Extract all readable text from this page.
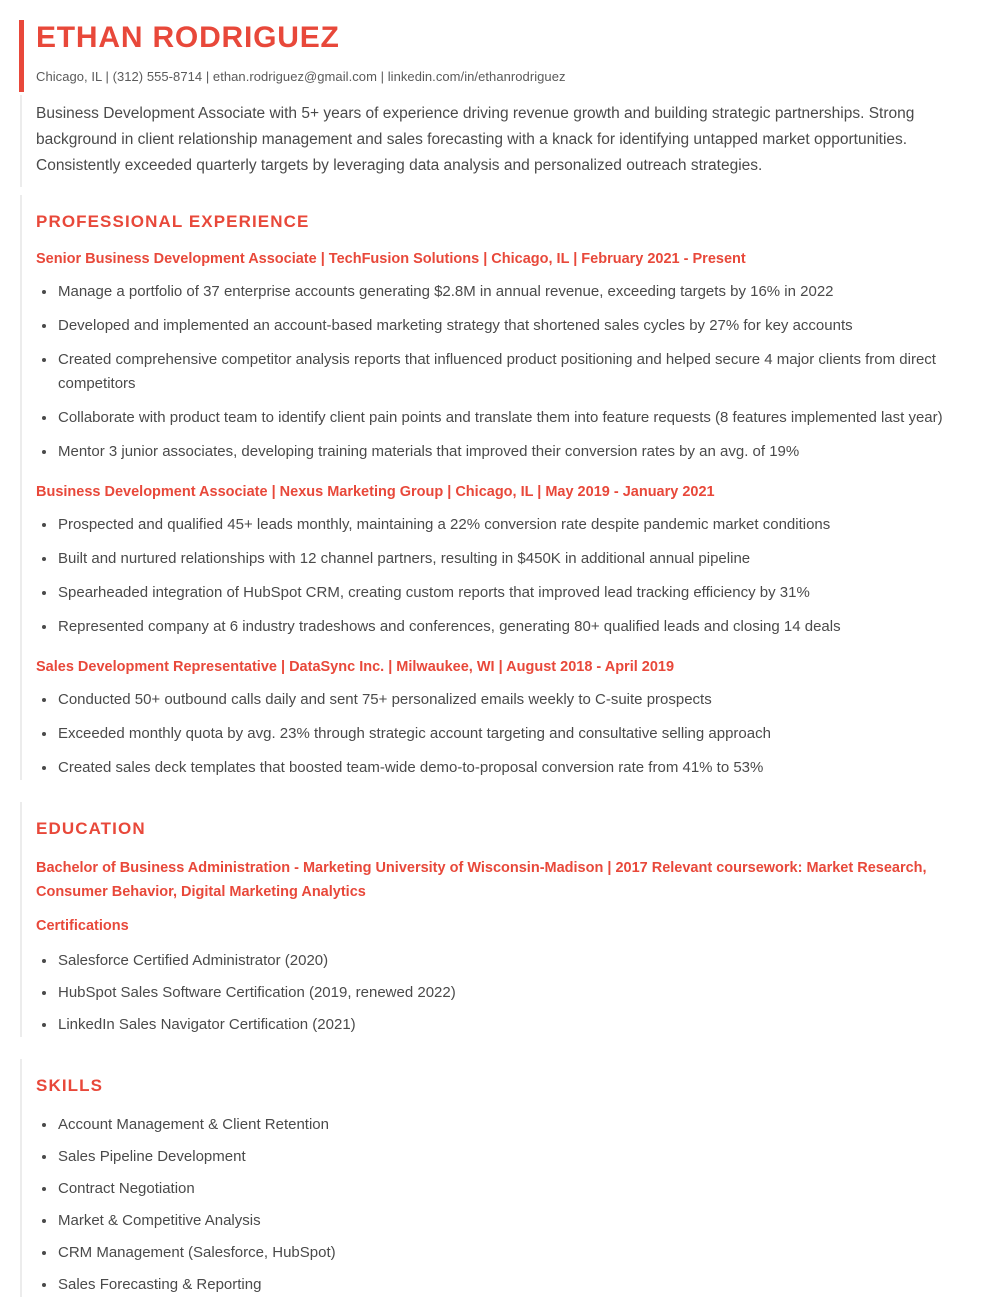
ETHAN RODRIGUEZ
Chicago, IL | (312) 555-8714 | ethan.rodriguez@gmail.com | linkedin.com/in/ethanrodriguez

Business Development Associate with 5+ years of experience driving revenue growth and building strategic partnerships. Strong background in client relationship management and sales forecasting with a knack for identifying untapped market opportunities. Consistently exceeded quarterly targets by leveraging data analysis and personalized outreach strategies.

PROFESSIONAL EXPERIENCE
Senior Business Development Associate | TechFusion Solutions | Chicago, IL | February 2021 - Present
Manage a portfolio of 37 enterprise accounts generating $2.8M in annual revenue, exceeding targets by 16% in 2022
Developed and implemented an account-based marketing strategy that shortened sales cycles by 27% for key accounts
Created comprehensive competitor analysis reports that influenced product positioning and helped secure 4 major clients from direct competitors
Collaborate with product team to identify client pain points and translate them into feature requests (8 features implemented last year)
Mentor 3 junior associates, developing training materials that improved their conversion rates by an avg. of 19%
Business Development Associate | Nexus Marketing Group | Chicago, IL | May 2019 - January 2021
Prospected and qualified 45+ leads monthly, maintaining a 22% conversion rate despite pandemic market conditions
Built and nurtured relationships with 12 channel partners, resulting in $450K in additional annual pipeline
Spearheaded integration of HubSpot CRM, creating custom reports that improved lead tracking efficiency by 31%
Represented company at 6 industry tradeshows and conferences, generating 80+ qualified leads and closing 14 deals
Sales Development Representative | DataSync Inc. | Milwaukee, WI | August 2018 - April 2019
Conducted 50+ outbound calls daily and sent 75+ personalized emails weekly to C-suite prospects
Exceeded monthly quota by avg. 23% through strategic account targeting and consultative selling approach
Created sales deck templates that boosted team-wide demo-to-proposal conversion rate from 41% to 53%
EDUCATION

Bachelor of Business Administration - Marketing University of Wisconsin-Madison | 2017 Relevant coursework: Market Research, Consumer Behavior, Digital Marketing Analytics

Certifications
Salesforce Certified Administrator (2020)
HubSpot Sales Software Certification (2019, renewed 2022)
LinkedIn Sales Navigator Certification (2021)
SKILLS
Account Management & Client Retention
Sales Pipeline Development
Contract Negotiation
Market & Competitive Analysis
CRM Management (Salesforce, HubSpot)
Sales Forecasting & Reporting
